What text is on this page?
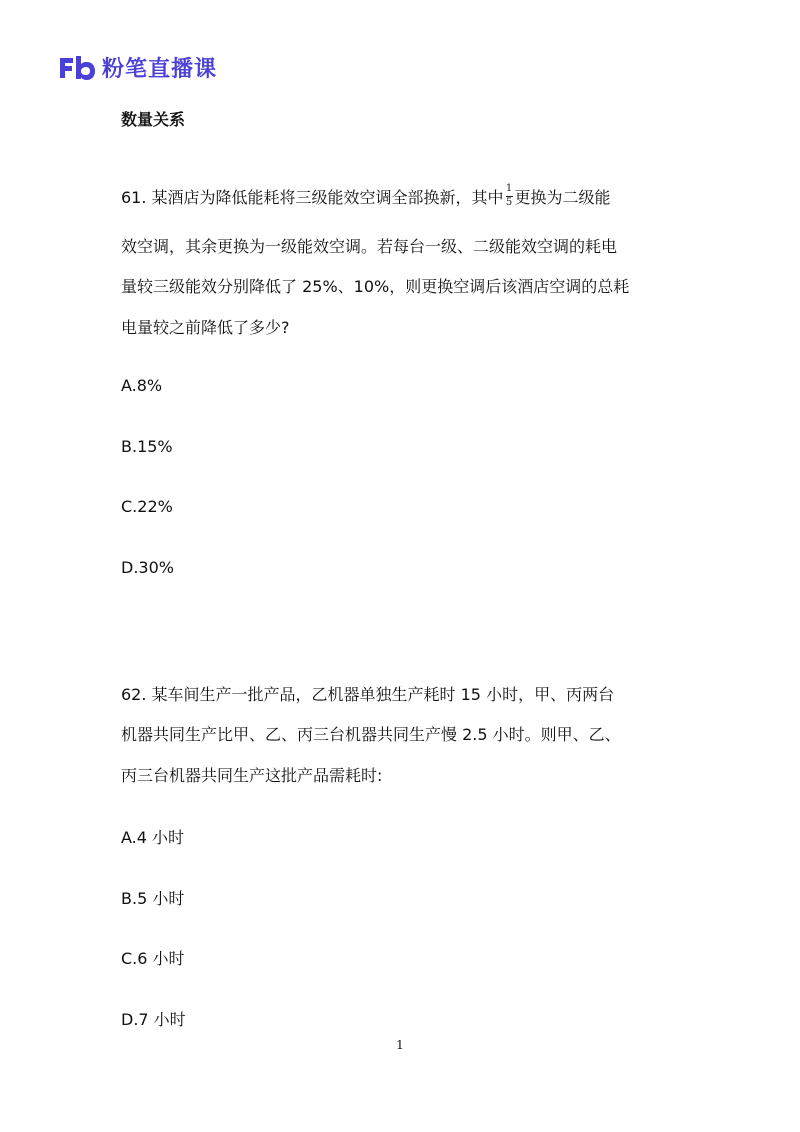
粉笔直播课
数量关系
61. 某酒店为降低能耗将三级能效空调全部换新，其中 $\frac{1}{5}$ 更换为二级能
效空调，其余更换为一级能效空调。若每台一级、二级能效空调的耗电
量较三级能效分别降低了 25%、10%，则更换空调后该酒店空调的总耗
电量较之前降低了多少?
A.8%
B.15%
C.22%
D.30%
62. 某车间生产一批产品，乙机器单独生产耗时 15 小时，甲、丙两台
机器共同生产比甲、乙、丙三台机器共同生产慢 2.5 小时。则甲、乙、
丙三台机器共同生产这批产品需耗时:
A.4 小时
B.5 小时
C.6 小时
D.7 小时
1
